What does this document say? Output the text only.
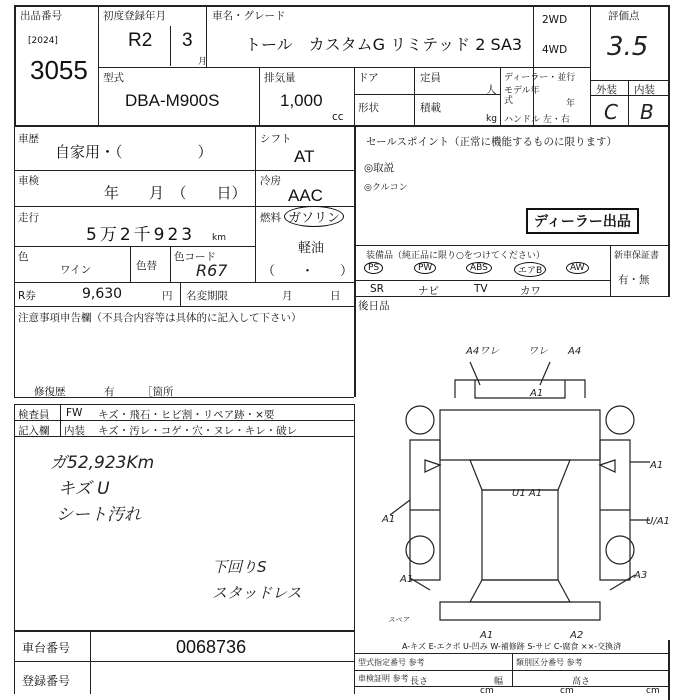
出品番号
[2024]
3055
初度登録年月
R2 3
月
車名・グレード
トール　カスタムG リミテッド 2 SA3
2WD
4WD
評価点
3.5
型式
DBA-M900S
排気量
1,000
cc
ドア	定員
人
形状	積載
kg
ディーラー・並行
モデル年式	年
ハンドル 左・右
外装 内装
C B
車歴
自家用・（　　　　　）
シフト
AT
車検
年　　月　（　　日）
冷房
AAC
走行
5万2千923 km
燃料 ガソリン
軽油
（　　・　　）
色
ワイン	色替
色コード
R67
R券	9,630	円 名変期限	月	日
注意事項申告欄（不具合内容等は具体的に記入して下さい）
修復歴	有	［箇所
検査員
記入欄
FW キズ・飛石・ヒビ割・リペア跡・×要
内装 キズ・汚レ・コゲ・穴・ヌレ・キレ・破レ
ガ52,923Km
キズ U
シート汚れ
下回りS
スタッドレス
車台番号	0068736
登録番号
セールスポイント（正常に機能するものに限ります）
◎取説
◎クルコン
ディーラー出品
装備品（純正品に限り○をつけてください）
PS	PW	ABS	エアB	AW
SR	ナビ	TV	カワ
後日品
新車保証書
有・無
A4ワレ	ワレ A4
A1
A1
U/A1
A1
U1 A1
A1	A3
A1	A2
スペア
A-キズ E-エクボ U-凹み W-補修跡 S-サビ C-腐食 ××-交換済
型式指定番号 参考	類別区分番号 参考
車検証明 参考 長さ
cm
幅
cm
高さ
cm
